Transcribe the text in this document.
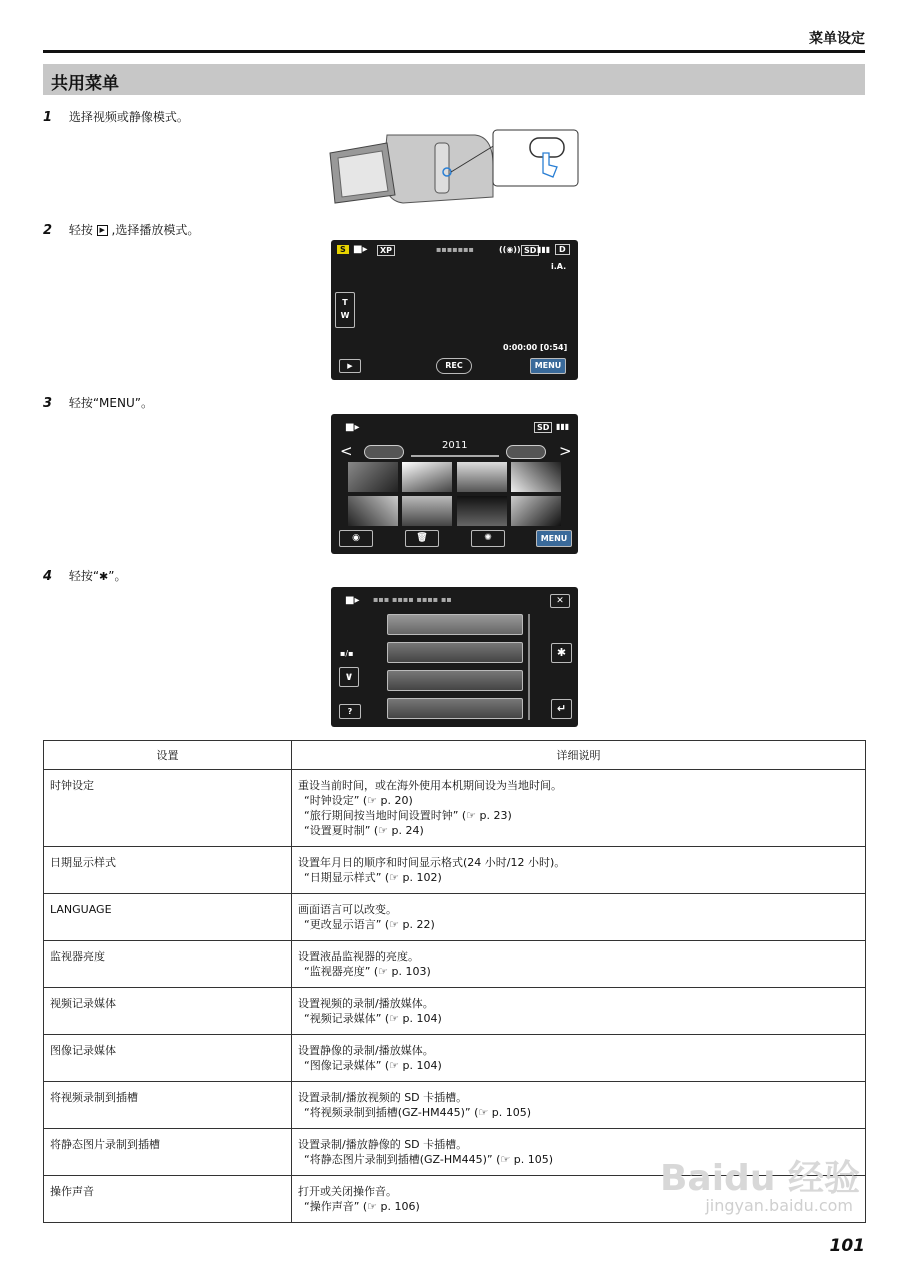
菜单设定
共用菜单
1 选择视频或静像模式。
2 轻按 ▶ ,选择播放模式。
S ■▸	XP	▪▪▪▪▪▪▪	((◉)) SD ▮▮▮	D
i.A.
T
W
0:00:00 [0:54]
▶	REC	MENU
3 轻按“MENU”。
■▸	SD ▮▮▮
<	2011	>
◉	🗑	✺	MENU
4 轻按“✱”。
■▸ ▪▪▪ ▪▪▪▪ ▪▪▪▪ ▪▪	✕
▪/▪
∨
?
✱
↵
设置	详细说明
时钟设定	重设当前时间，或在海外使用本机期间设为当地时间。
“时钟设定” (☞ p. 20)
“旅行期间按当地时间设置时钟” (☞ p. 23)
“设置夏时制” (☞ p. 24)

日期显示样式	设置年月日的顺序和时间显示格式(24 小时/12 小时)。
“日期显示样式” (☞ p. 102)

LANGUAGE	画面语言可以改变。
“更改显示语言” (☞ p. 22)

监视器亮度	设置液晶监视器的亮度。
“监视器亮度” (☞ p. 103)

视频记录媒体	设置视频的录制/播放媒体。
“视频记录媒体” (☞ p. 104)

图像记录媒体	设置静像的录制/播放媒体。
“图像记录媒体” (☞ p. 104)

将视频录制到插槽	设置录制/播放视频的 SD 卡插槽。
“将视频录制到插槽(GZ-HM445)” (☞ p. 105)

将静态图片录制到插槽	设置录制/播放静像的 SD 卡插槽。
“将静态图片录制到插槽(GZ-HM445)” (☞ p. 105)

操作声音	打开或关闭操作音。
“操作声音” (☞ p. 106)
Baidu 经验
jingyan.baidu.com
101
